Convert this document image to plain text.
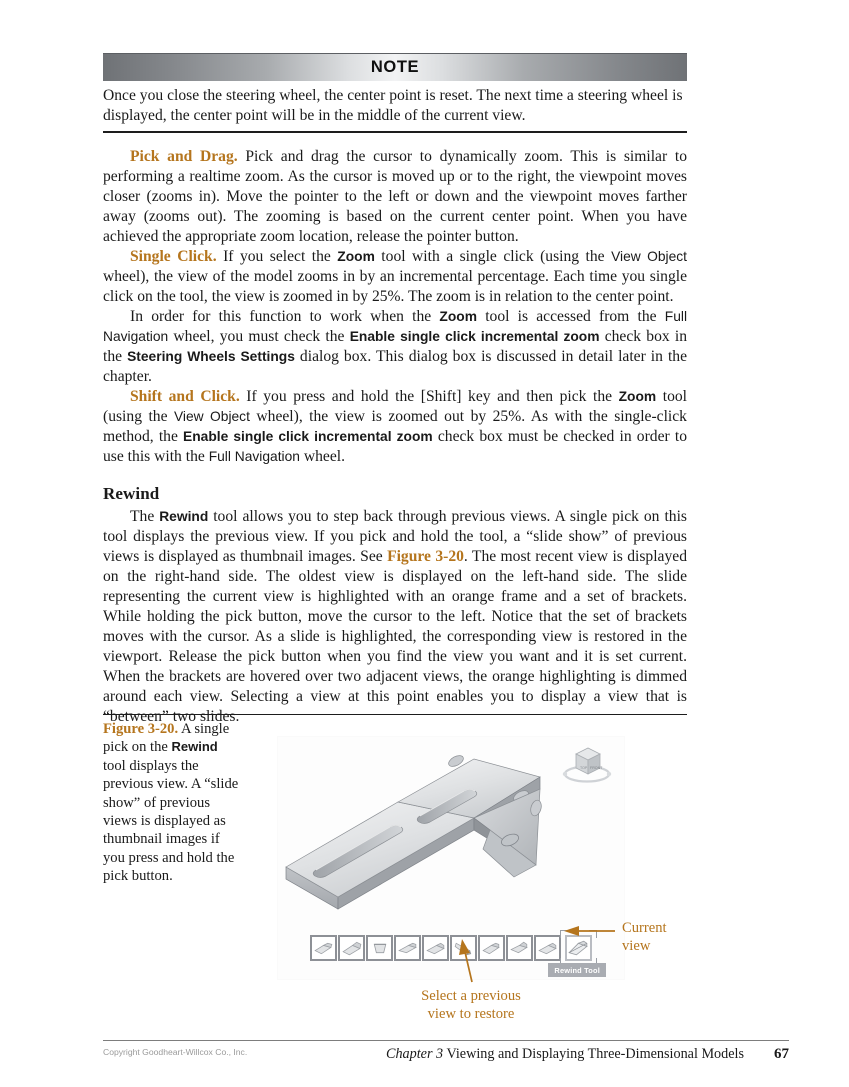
NOTE
Once you close the steering wheel, the center point is reset. The next time a steering wheel is displayed, the center point will be in the middle of the current view.

Pick and Drag. Pick and drag the cursor to dynamically zoom. This is similar to performing a realtime zoom. As the cursor is moved up or to the right, the viewpoint moves closer (zooms in). Move the pointer to the left or down and the viewpoint moves farther away (zooms out). The zooming is based on the current center point. When you have achieved the appropriate zoom location, release the pointer button.

Single Click. If you select the Zoom tool with a single click (using the View Object wheel), the view of the model zooms in by an incremental percentage. Each time you single click on the tool, the view is zoomed in by 25%. The zoom is in relation to the center point.

In order for this function to work when the Zoom tool is accessed from the Full Navigation wheel, you must check the Enable single click incremental zoom check box in the Steering Wheels Settings dialog box. This dialog box is discussed in detail later in the chapter.

Shift and Click. If you press and hold the [Shift] key and then pick the Zoom tool (using the View Object wheel), the view is zoomed out by 25%. As with the single-click method, the Enable single click incremental zoom check box must be checked in order to use this with the Full Navigation wheel.

Rewind

The Rewind tool allows you to step back through previous views. A single pick on this tool displays the previous view. If you pick and hold the tool, a “slide show” of previous views is displayed as thumbnail images. See Figure 3-20. The most recent view is displayed on the right-hand side. The oldest view is displayed on the left-hand side. The slide representing the current view is highlighted with an orange frame and a set of brackets. While holding the pick button, move the cursor to the left. Notice that the set of brackets moves with the cursor. As a slide is highlighted, the corresponding view is restored in the viewport. Release the pick button when you find the view you want and it is set current. When the brackets are hovered over two adjacent views, the orange highlighting is dimmed around each view. Selecting a view at this point enables you to display a view that is “between” two slides.

Figure 3-20. A single pick on the Rewind tool displays the previous view. A “slide show” of previous views is displayed as thumbnail images if you press and hold the pick button.
TOP FRONT
Rewind Tool
Current
view
Select a previous
view to restore
Copyright Goodheart-Willcox Co., Inc.	Chapter 3 Viewing and Displaying Three-Dimensional Models 67
